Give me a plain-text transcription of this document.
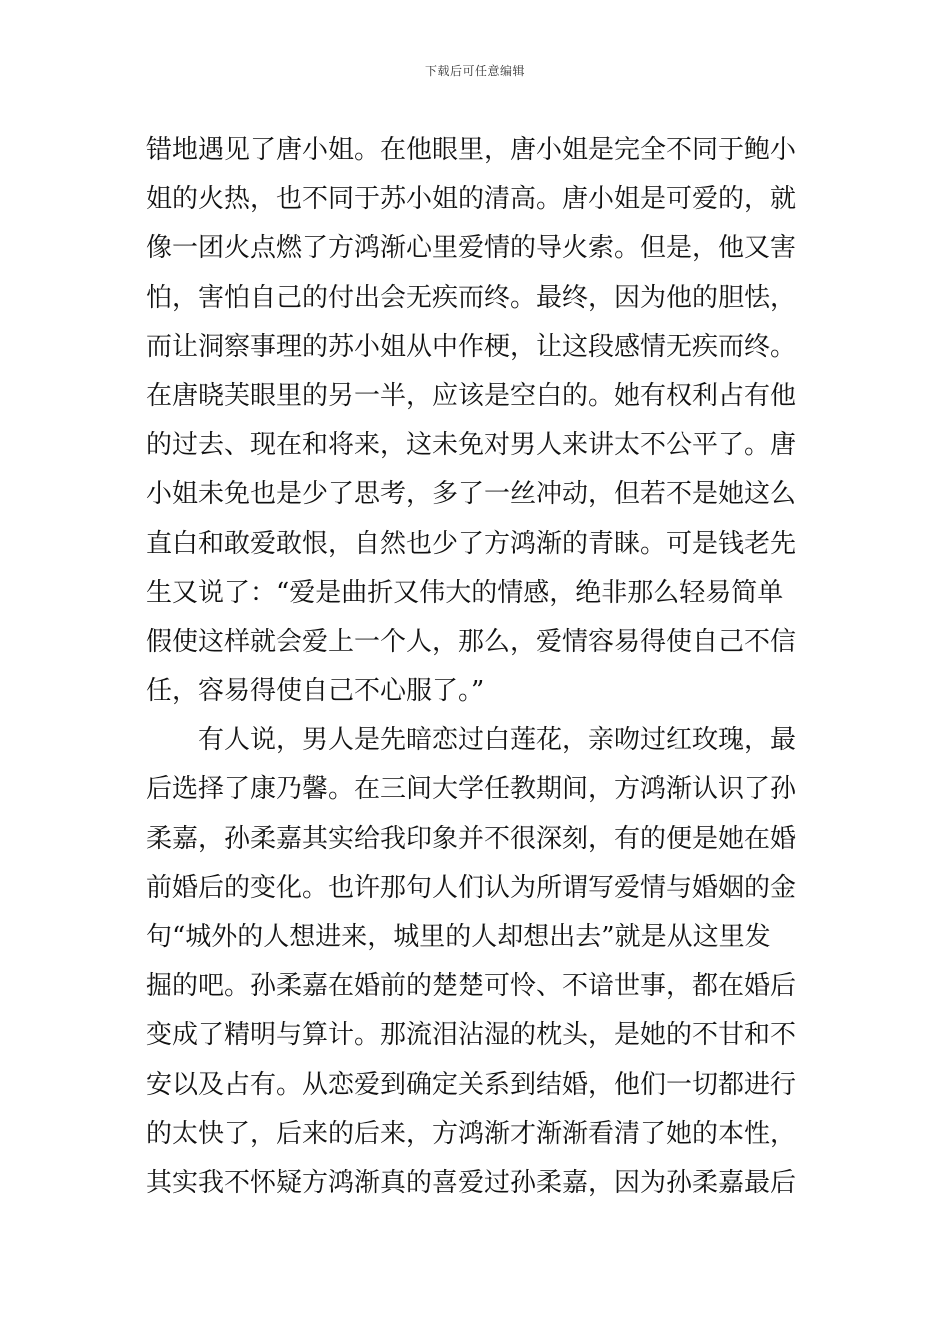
下载后可任意编辑
错地遇见了唐小姐。在他眼里，唐小姐是完全不同于鲍小
姐的火热，也不同于苏小姐的清高。唐小姐是可爱的，就
像一团火点燃了方鸿渐心里爱情的导火索。但是，他又害
怕，害怕自己的付出会无疾而终。最终，因为他的胆怯，
而让洞察事理的苏小姐从中作梗，让这段感情无疾而终。
在唐晓芙眼里的另一半，应该是空白的。她有权利占有他
的过去、现在和将来，这未免对男人来讲太不公平了。唐
小姐未免也是少了思考，多了一丝冲动，但若不是她这么
直白和敢爱敢恨，自然也少了方鸿渐的青睐。可是钱老先
生又说了：“爱是曲折又伟大的情感，绝非那么轻易简单
假使这样就会爱上一个人，那么，爱情容易得使自己不信
任，容易得使自己不心服了。”
有人说，男人是先暗恋过白莲花，亲吻过红玫瑰，最
后选择了康乃馨。在三间大学任教期间，方鸿渐认识了孙
柔嘉，孙柔嘉其实给我印象并不很深刻，有的便是她在婚
前婚后的变化。也许那句人们认为所谓写爱情与婚姻的金
句“城外的人想进来，城里的人却想出去”就是从这里发
掘的吧。孙柔嘉在婚前的楚楚可怜、不谙世事，都在婚后
变成了精明与算计。那流泪沾湿的枕头，是她的不甘和不
安以及占有。从恋爱到确定关系到结婚，他们一切都进行
的太快了，后来的后来，方鸿渐才渐渐看清了她的本性，
其实我不怀疑方鸿渐真的喜爱过孙柔嘉，因为孙柔嘉最后
